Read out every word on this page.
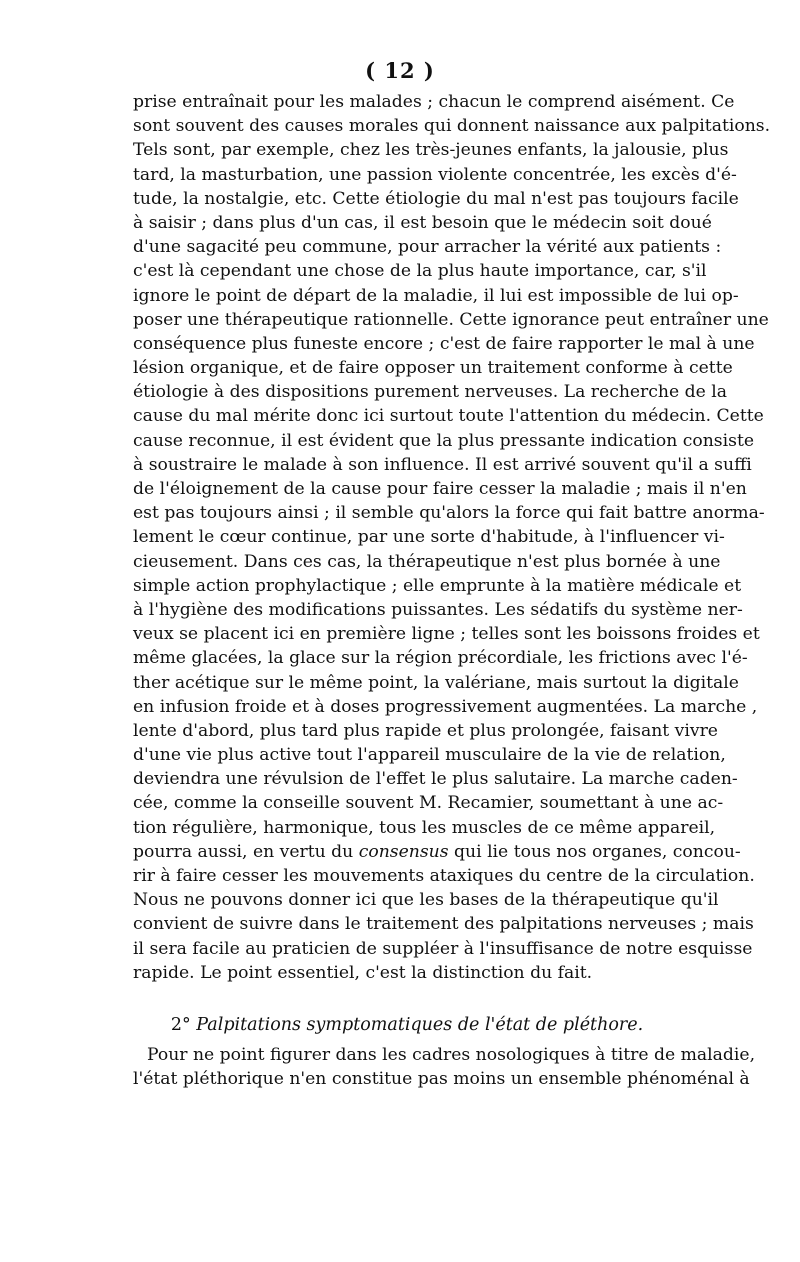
( 12 )
prise entraînait pour les malades ; chacun le comprend aisément. Ce
sont souvent des causes morales qui donnent naissance aux palpitations.
Tels sont, par exemple, chez les très-jeunes enfants, la jalousie, plus
tard, la masturbation, une passion violente concentrée, les excès d'é-
tude, la nostalgie, etc. Cette étiologie du mal n'est pas toujours facile
à saisir ; dans plus d'un cas, il est besoin que le médecin soit doué
d'une sagacité peu commune, pour arracher la vérité aux patients :
c'est là cependant une chose de la plus haute importance, car, s'il
ignore le point de départ de la maladie, il lui est impossible de lui op-
poser une thérapeutique rationnelle. Cette ignorance peut entraîner une
conséquence plus funeste encore ; c'est de faire rapporter le mal à une
lésion organique, et de faire opposer un traitement conforme à cette
étiologie à des dispositions purement nerveuses. La recherche de la
cause du mal mérite donc ici surtout toute l'attention du médecin. Cette
cause reconnue, il est évident que la plus pressante indication consiste
à soustraire le malade à son influence. Il est arrivé souvent qu'il a suffi
de l'éloignement de la cause pour faire cesser la maladie ; mais il n'en
est pas toujours ainsi ; il semble qu'alors la force qui fait battre anorma-
lement le cœur continue, par une sorte d'habitude, à l'influencer vi-
cieusement. Dans ces cas, la thérapeutique n'est plus bornée à une
simple action prophylactique ; elle emprunte à la matière médicale et
à l'hygiène des modifications puissantes. Les sédatifs du système ner-
veux se placent ici en première ligne ; telles sont les boissons froides et
même glacées, la glace sur la région précordiale, les frictions avec l'é-
ther acétique sur le même point, la valériane, mais surtout la digitale
en infusion froide et à doses progressivement augmentées. La marche ,
lente d'abord, plus tard plus rapide et plus prolongée, faisant vivre
d'une vie plus active tout l'appareil musculaire de la vie de relation,
deviendra une révulsion de l'effet le plus salutaire. La marche caden-
cée, comme la conseille souvent M. Recamier, soumettant à une ac-
tion régulière, harmonique, tous les muscles de ce même appareil,
pourra aussi, en vertu du consensus qui lie tous nos organes, concou-
rir à faire cesser les mouvements ataxiques du centre de la circulation.
Nous ne pouvons donner ici que les bases de la thérapeutique qu'il
convient de suivre dans le traitement des palpitations nerveuses ; mais
il sera facile au praticien de suppléer à l'insuffisance de notre esquisse
rapide. Le point essentiel, c'est la distinction du fait.
2° Palpitations symptomatiques de l'état de pléthore.
Pour ne point figurer dans les cadres nosologiques à titre de maladie,
l'état pléthorique n'en constitue pas moins un ensemble phénoménal à
